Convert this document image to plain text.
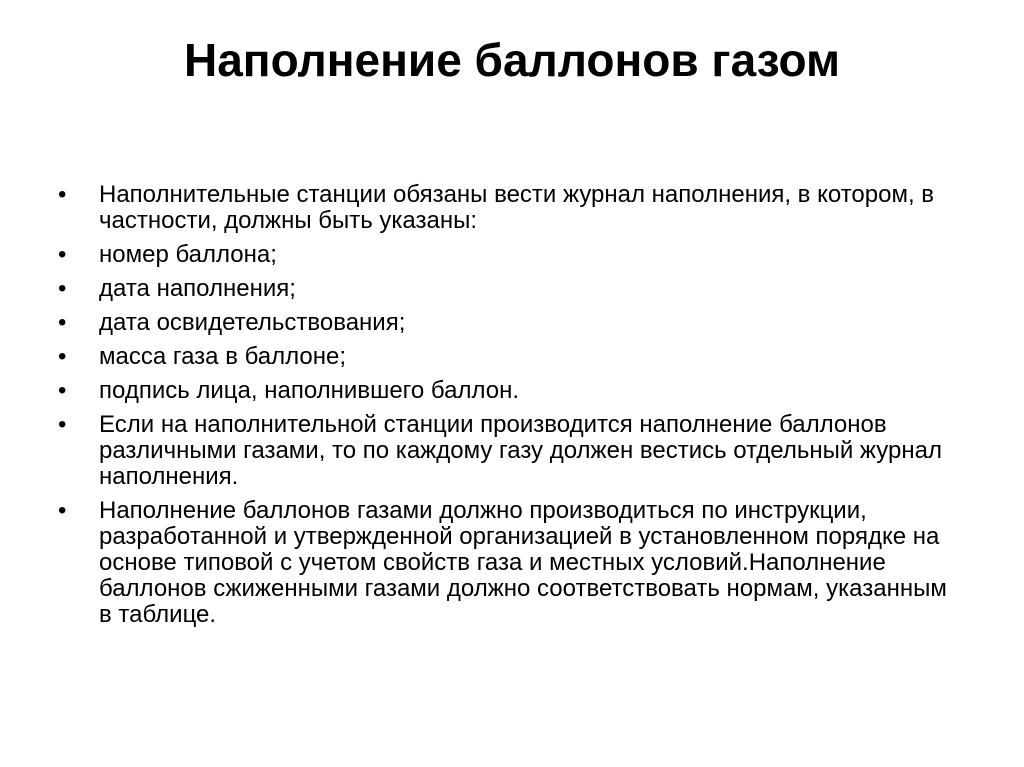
Наполнение баллонов газом
•	Наполнительные станции обязаны вести журнал наполнения, в котором, в частности, должны быть указаны:
•	номер баллона;
•	дата наполнения;
•	дата освидетельствования;
•	масса газа в баллоне;
•	подпись лица, наполнившего баллон.
•	Если на наполнительной станции производится наполнение баллонов различными газами, то по каждому газу должен вестись отдельный журнал наполнения.
•	Наполнение баллонов газами должно производиться по инструкции, разработанной и утвержденной организацией в установленном порядке на основе типовой с учетом свойств газа и местных условий.Наполнение баллонов сжиженными газами должно соответствовать нормам, указанным в таблице.
